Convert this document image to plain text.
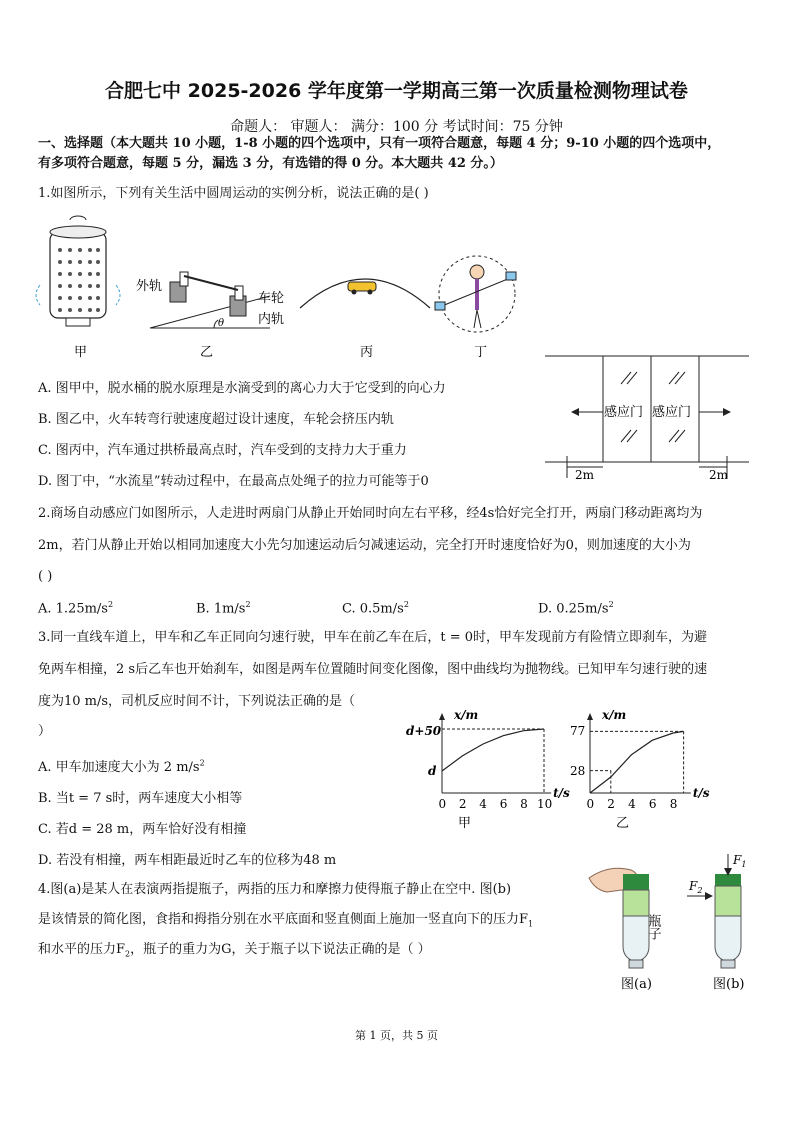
合肥七中 2025-2026 学年度第一学期高三第一次质量检测物理试卷
命题人： 审题人： 满分：100 分 考试时间：75 分钟
一、选择题（本大题共 10 小题，1-8 小题的四个选项中，只有一项符合题意，每题 4 分；9-10 小题的四个选项中，
有多项符合题意，每题 5 分，漏选 3 分，有选错的得 0 分。本大题共 42 分。）
1.如图所示，下列有关生活中圆周运动的实例分析，说法正确的是( )
甲
θ
外轨
车轮
内轨
乙	丙	丁
感应门 感应门
2m	2m
A. 图甲中，脱水桶的脱水原理是水滴受到的离心力大于它受到的向心力
B. 图乙中，火车转弯行驶速度超过设计速度，车轮会挤压内轨
C. 图丙中，汽车通过拱桥最高点时，汽车受到的支持力大于重力
D. 图丁中，“水流星”转动过程中，在最高点处绳子的拉力可能等于0
2.商场自动感应门如图所示，人走进时两扇门从静止开始同时向左右平移，经4s恰好完全打开，两扇门移动距离均为
2m，若门从静止开始以相同加速度大小先匀加速运动后匀减速运动，完全打开时速度恰好为0，则加速度的大小为
( )
A. $1.25m/s^2$	B. $1m/s^2$	C. $0.5m/s^2$	D. $0.25m/s^2$
3.同一直线车道上，甲车和乙车正同向匀速行驶，甲车在前乙车在后，t = 0时，甲车发现前方有险情立即刹车，为避
免两车相撞，2 s后乙车也开始刹车，如图是两车位置随时间变化图像，图中曲线均为抛物线。已知甲车匀速行驶的速
度为10 m/s，司机反应时间不计，下列说法正确的是（
）
x/m
t/s
0 2 4 6 8 10
甲
d
d+50
x/m
t/s
0 2 4 6 8
乙
77
28
A. 甲车加速度大小为 2 $m/s^2$
B. 当t = 7 s时，两车速度大小相等
C. 若d = 28 m，两车恰好没有相撞
D. 若没有相撞，两车相距最近时乙车的位移为48 m
4.图(a)是某人在表演两指提瓶子，两指的压力和摩擦力使得瓶子静止在空中. 图(b)
是该情景的简化图，食指和拇指分别在水平底面和竖直侧面上施加一竖直向下的压力$F_1$
和水平的压力$F_2$，瓶子的重力为G，关于瓶子以下说法正确的是（ ）
瓶子
图(a)
$F_1$
$F_2$
图(b)
第 1 页，共 5 页
